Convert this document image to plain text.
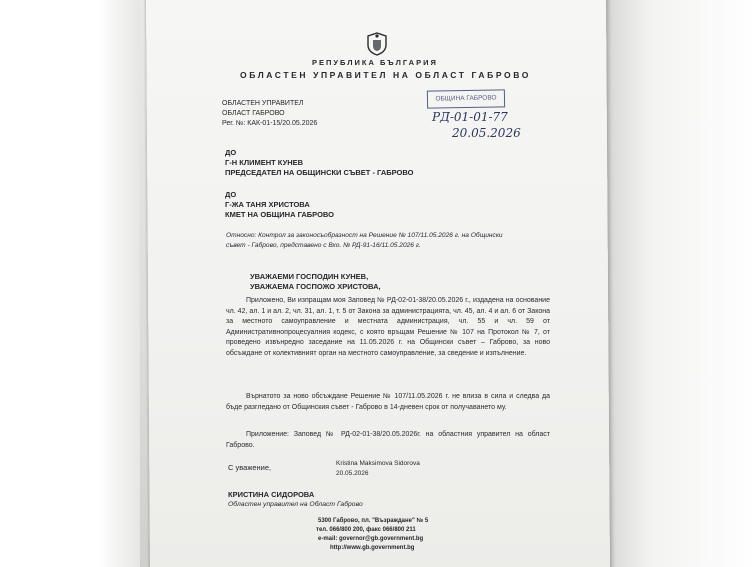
РЕПУБЛИКА БЪЛГАРИЯ
ОБЛАСТЕН УПРАВИТЕЛ НА ОБЛАСТ ГАБРОВО
ОБЛАСТЕН УПРАВИТЕЛ
ОБЛАСТ ГАБРОВО
Рег. №: КАК-01-15/20.05.2026
ОБЩИНА ГАБРОВО
РД-01-01-77
20.05.2026
ДО
Г-Н КЛИМЕНТ КУНЕВ
ПРЕДСЕДАТЕЛ НА ОБЩИНСКИ СЪВЕТ - ГАБРОВО
ДО
Г-ЖА ТАНЯ ХРИСТОВА
КМЕТ НА ОБЩИНА ГАБРОВО
Относно: Контрол за законосъобразност на Решение № 107/11.05.2026 г. на Общински
съвет - Габрово, представено с Вхо. № РД-91-16/11.05.2026 г.
УВАЖАЕМИ ГОСПОДИН КУНЕВ,
УВАЖАЕМА ГОСПОЖО ХРИСТОВА,
Приложено, Ви изпращам моя Заповед № РД-02-01-38/20.05.2026 г., издадена на основание чл. 42, ал. 1 и ал. 2, чл. 31, ал. 1, т. 5 от Закона за администрацията, чл. 45, ал. 4 и ал. 6 от Закона за местното самоуправление и местната администрация, чл. 55 и чл. 59 от Административнопроцесуалния кодекс, с която връщам Решение № 107 на Протокол № 7, от проведено извънредно заседание на 11.05.2026 г. на Общински съвет – Габрово, за ново обсъждане от колективният орган на местното самоуправление, за сведение и изпълнение.
Върнатото за ново обсъждане Решение № 107/11.05.2026 г. не влиза в сила и следва да бъде разгледано от Общинския съвет - Габрово в 14-дневен срок от получаването му.
Приложение: Заповед № РД-02-01-38/20.05.2026г. на областния управител на област Габрово.
С уважение,	Kristina Maksimova Sidorova
20.05.2026
КРИСТИНА СИДОРОВА
Областен управител на Област Габрово
5300 Габрово, пл. "Възраждане" № 5
тел. 066/800 200, факс 066/800 211
e-mail: governor@gb.government.bg
http://www.gb.government.bg
